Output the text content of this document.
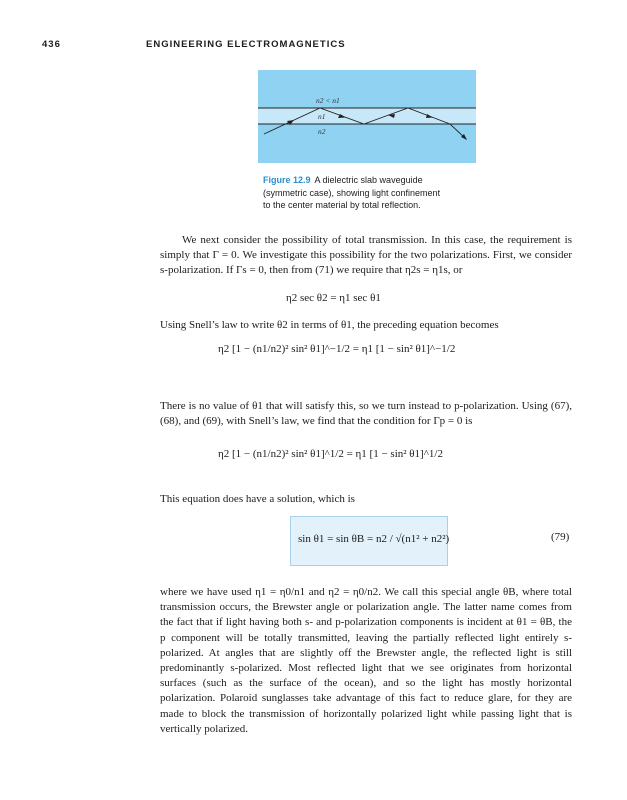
436	ENGINEERING ELECTROMAGNETICS
n2 < n1
n1
n2
Figure 12.9 A dielectric slab waveguide
(symmetric case), showing light confinement
to the center material by total reflection.

We next consider the possibility of total transmission. In this case, the requirement is simply that Γ = 0. We investigate this possibility for the two polarizations. First, we consider s-polarization. If Γs = 0, then from (71) we require that η2s = η1s, or

η2 sec θ2 = η1 sec θ1

Using Snell’s law to write θ2 in terms of θ1, the preceding equation becomes

η2 [1 − (n1/n2)² sin² θ1]^−1/2 = η1 [1 − sin² θ1]^−1/2

There is no value of θ1 that will satisfy this, so we turn instead to p-polarization. Using (67), (68), and (69), with Snell’s law, we find that the condition for Γp = 0 is

η2 [1 − (n1/n2)² sin² θ1]^1/2 = η1 [1 − sin² θ1]^1/2

This equation does have a solution, which is

sin θ1 = sin θB = n2 / √(n1² + n2²)	(79)

where we have used η1 = η0/n1 and η2 = η0/n2. We call this special angle θB, where total transmission occurs, the Brewster angle or polarization angle. The latter name comes from the fact that if light having both s- and p-polarization components is incident at θ1 = θB, the p component will be totally transmitted, leaving the partially reflected light entirely s-polarized. At angles that are slightly off the Brewster angle, the reflected light is still predominantly s-polarized. Most reflected light that we see originates from horizontal surfaces (such as the surface of the ocean), and so the light has mostly horizontal polarization. Polaroid sunglasses take advantage of this fact to reduce glare, for they are made to block the transmission of horizontally polarized light while passing light that is vertically polarized.
